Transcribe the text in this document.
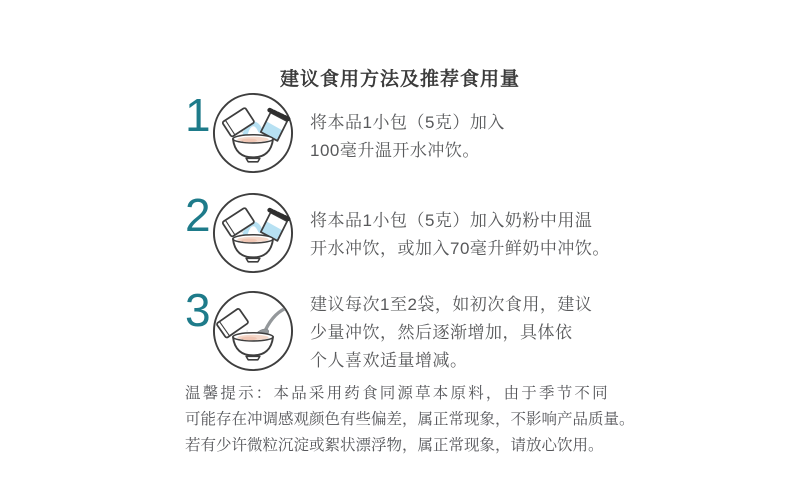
建议食用方法及推荐食用量
1	将本品1小包（5克）加入
100毫升温开水冲饮。
2	将本品1小包（5克）加入奶粉中用温
开水冲饮，或加入70毫升鲜奶中冲饮。
3	建议每次1至2袋，如初次食用，建议
少量冲饮，然后逐渐增加，具体依
个人喜欢适量增减。
温馨提示：本品采用药食同源草本原料，由于季节不同
可能存在冲调感观颜色有些偏差，属正常现象，不影响产品质量。
若有少许微粒沉淀或絮状漂浮物，属正常现象，请放心饮用。
